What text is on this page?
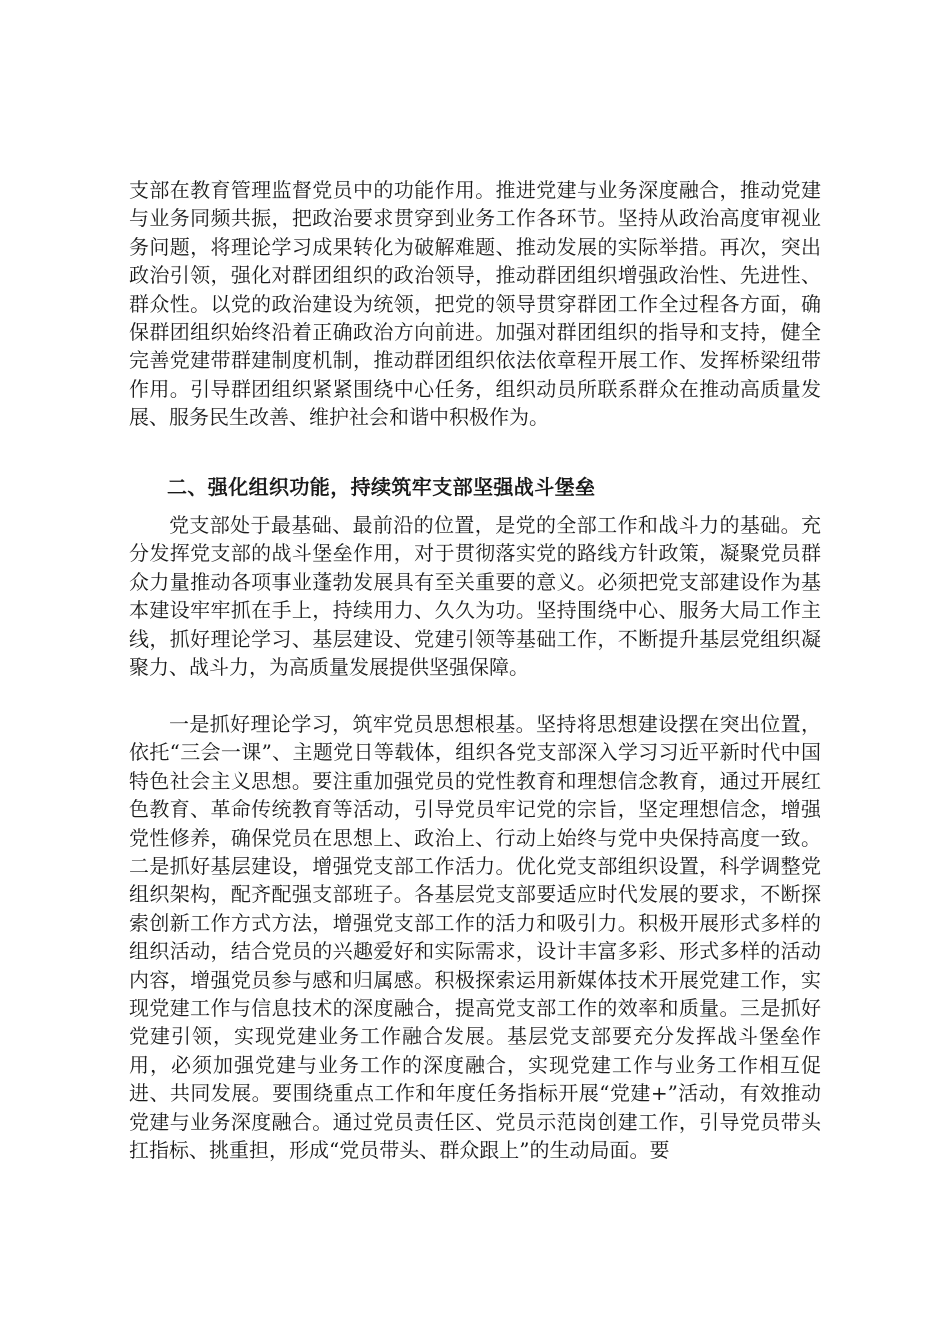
支部在教育管理监督党员中的功能作用。推进党建与业务深度融合，推动党建与业务同频共振，把政治要求贯穿到业务工作各环节。坚持从政治高度审视业务问题，将理论学习成果转化为破解难题、推动发展的实际举措。再次，突出政治引领，强化对群团组织的政治领导，推动群团组织增强政治性、先进性、群众性。以党的政治建设为统领，把党的领导贯穿群团工作全过程各方面，确保群团组织始终沿着正确政治方向前进。加强对群团组织的指导和支持，健全完善党建带群建制度机制，推动群团组织依法依章程开展工作、发挥桥梁纽带作用。引导群团组织紧紧围绕中心任务，组织动员所联系群众在推动高质量发展、服务民生改善、维护社会和谐中积极作为。

二、强化组织功能，持续筑牢支部坚强战斗堡垒

党支部处于最基础、最前沿的位置，是党的全部工作和战斗力的基础。充分发挥党支部的战斗堡垒作用，对于贯彻落实党的路线方针政策，凝聚党员群众力量推动各项事业蓬勃发展具有至关重要的意义。必须把党支部建设作为基本建设牢牢抓在手上，持续用力、久久为功。坚持围绕中心、服务大局工作主线，抓好理论学习、基层建设、党建引领等基础工作，不断提升基层党组织凝聚力、战斗力，为高质量发展提供坚强保障。

一是抓好理论学习，筑牢党员思想根基。坚持将思想建设摆在突出位置，依托“三会一课”、主题党日等载体，组织各党支部深入学习习近平新时代中国特色社会主义思想。要注重加强党员的党性教育和理想信念教育，通过开展红色教育、革命传统教育等活动，引导党员牢记党的宗旨，坚定理想信念，增强党性修养，确保党员在思想上、政治上、行动上始终与党中央保持高度一致。二是抓好基层建设，增强党支部工作活力。优化党支部组织设置，科学调整党组织架构，配齐配强支部班子。各基层党支部要适应时代发展的要求，不断探索创新工作方式方法，增强党支部工作的活力和吸引力。积极开展形式多样的组织活动，结合党员的兴趣爱好和实际需求，设计丰富多彩、形式多样的活动内容，增强党员参与感和归属感。积极探索运用新媒体技术开展党建工作，实现党建工作与信息技术的深度融合，提高党支部工作的效率和质量。三是抓好党建引领，实现党建业务工作融合发展。基层党支部要充分发挥战斗堡垒作用，必须加强党建与业务工作的深度融合，实现党建工作与业务工作相互促进、共同发展。要围绕重点工作和年度任务指标开展“党建+”活动，有效推动党建与业务深度融合。通过党员责任区、党员示范岗创建工作，引导党员带头扛指标、挑重担，形成“党员带头、群众跟上”的生动局面。要
